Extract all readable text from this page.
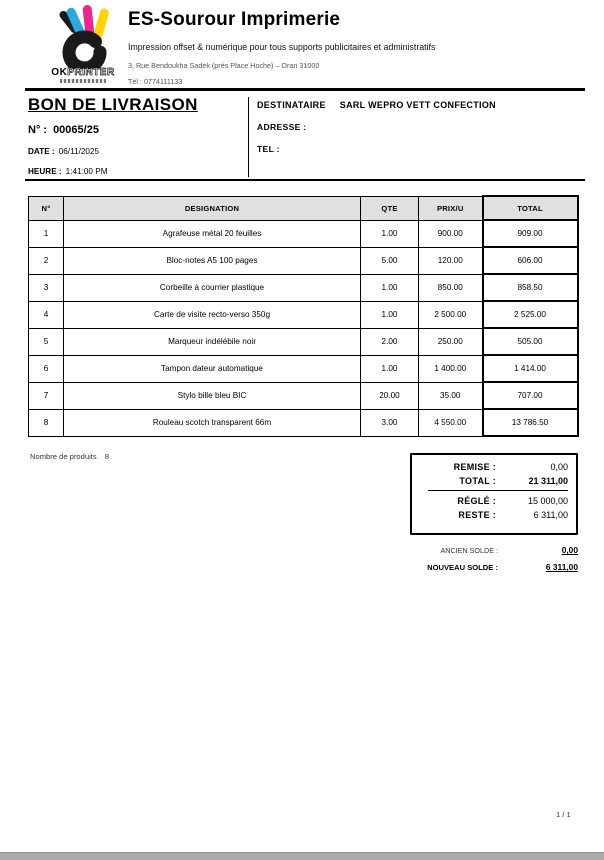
OKPRINTER
ES-Sourour Imprimerie
Impression offset & numérique pour tous supports publicitaires et administratifs
3, Rue Bendoukha Sadek (près Place Hoche) – Oran 31000
Tél : 0774111133
BON DE LIVRAISON
N° : 00065/25
DATE : 06/11/2025
HEURE : 1:41:00 PM
DESTINATAIRE SARL WEPRO VETT CONFECTION
ADRESSE :
TEL :
N°	DESIGNATION	QTE	PRIX/U	TOTAL
1	Agrafeuse métal 20 feuilles	1.00	900.00	909.00
2	Bloc-notes A5 100 pages	5.00	120.00	606.00
3	Corbeille à courrier plastique	1.00	850.00	858.50
4	Carte de visite recto-verso 350g	1.00	2 500.00	2 525.00
5	Marqueur indélébile noir	2.00	250.00	505.00
6	Tampon dateur automatique	1.00	1 400.00	1 414.00
7	Stylo bille bleu BIC	20.00	35.00	707.00
8	Rouleau scotch transparent 66m	3.00	4 550.00	13 786.50
Nombre de produits 8
REMISE :	0,00
TOTAL :	21 311,00
RÉGLÉ :	15 000,00
RESTE :	6 311,00
ANCIEN SOLDE :	0,00
NOUVEAU SOLDE :	6 311,00
1 / 1
